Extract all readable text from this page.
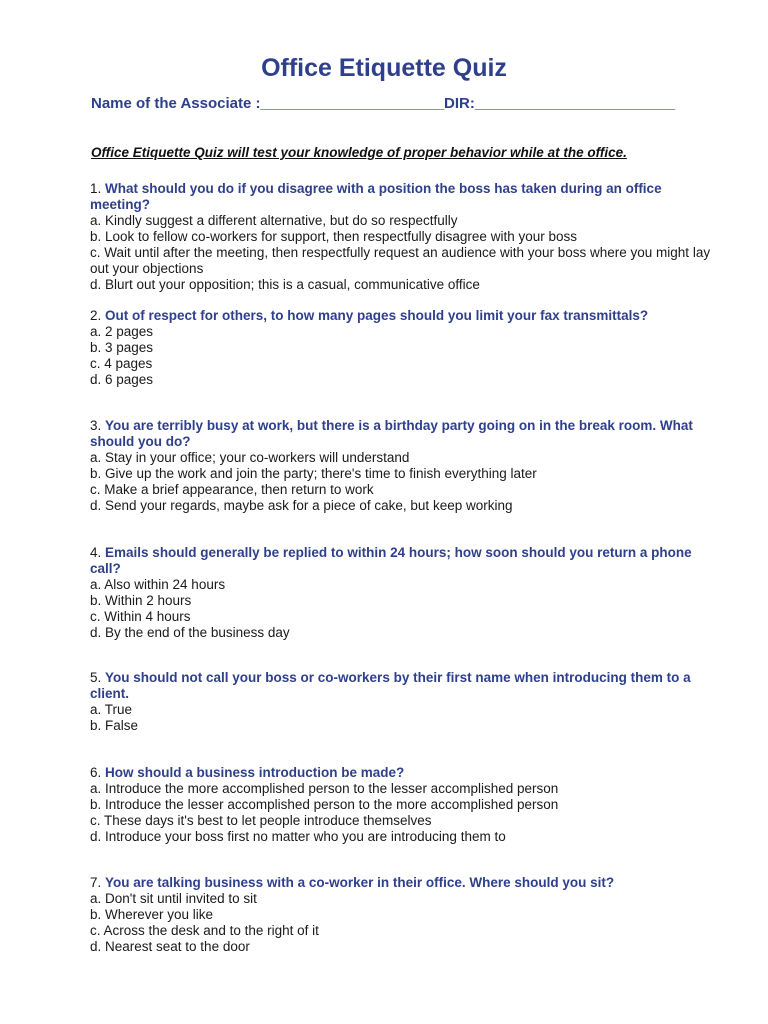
Office Etiquette Quiz
Name of the Associate :______________________DIR:________________________
Office Etiquette Quiz will test your knowledge of proper behavior while at the office.

1. What should you do if you disagree with a position the boss has taken during an office meeting?

a. Kindly suggest a different alternative, but do so respectfully

b. Look to fellow co-workers for support, then respectfully disagree with your boss

c. Wait until after the meeting, then respectfully request an audience with your boss where you might lay out your objections

d. Blurt out your opposition; this is a casual, communicative office

2. Out of respect for others, to how many pages should you limit your fax transmittals?

a. 2 pages

b. 3 pages

c. 4 pages

d. 6 pages

3. You are terribly busy at work, but there is a birthday party going on in the break room. What should you do?

a. Stay in your office; your co-workers will understand

b. Give up the work and join the party; there's time to finish everything later

c. Make a brief appearance, then return to work

d. Send your regards, maybe ask for a piece of cake, but keep working

4. Emails should generally be replied to within 24 hours; how soon should you return a phone call?

a. Also within 24 hours

b. Within 2 hours

c. Within 4 hours

d. By the end of the business day

5. You should not call your boss or co-workers by their first name when introducing them to a client.

a. True

b. False

6. How should a business introduction be made?

a. Introduce the more accomplished person to the lesser accomplished person

b. Introduce the lesser accomplished person to the more accomplished person

c. These days it's best to let people introduce themselves

d. Introduce your boss first no matter who you are introducing them to

7. You are talking business with a co-worker in their office. Where should you sit?

a. Don't sit until invited to sit

b. Wherever you like

c. Across the desk and to the right of it

d. Nearest seat to the door
